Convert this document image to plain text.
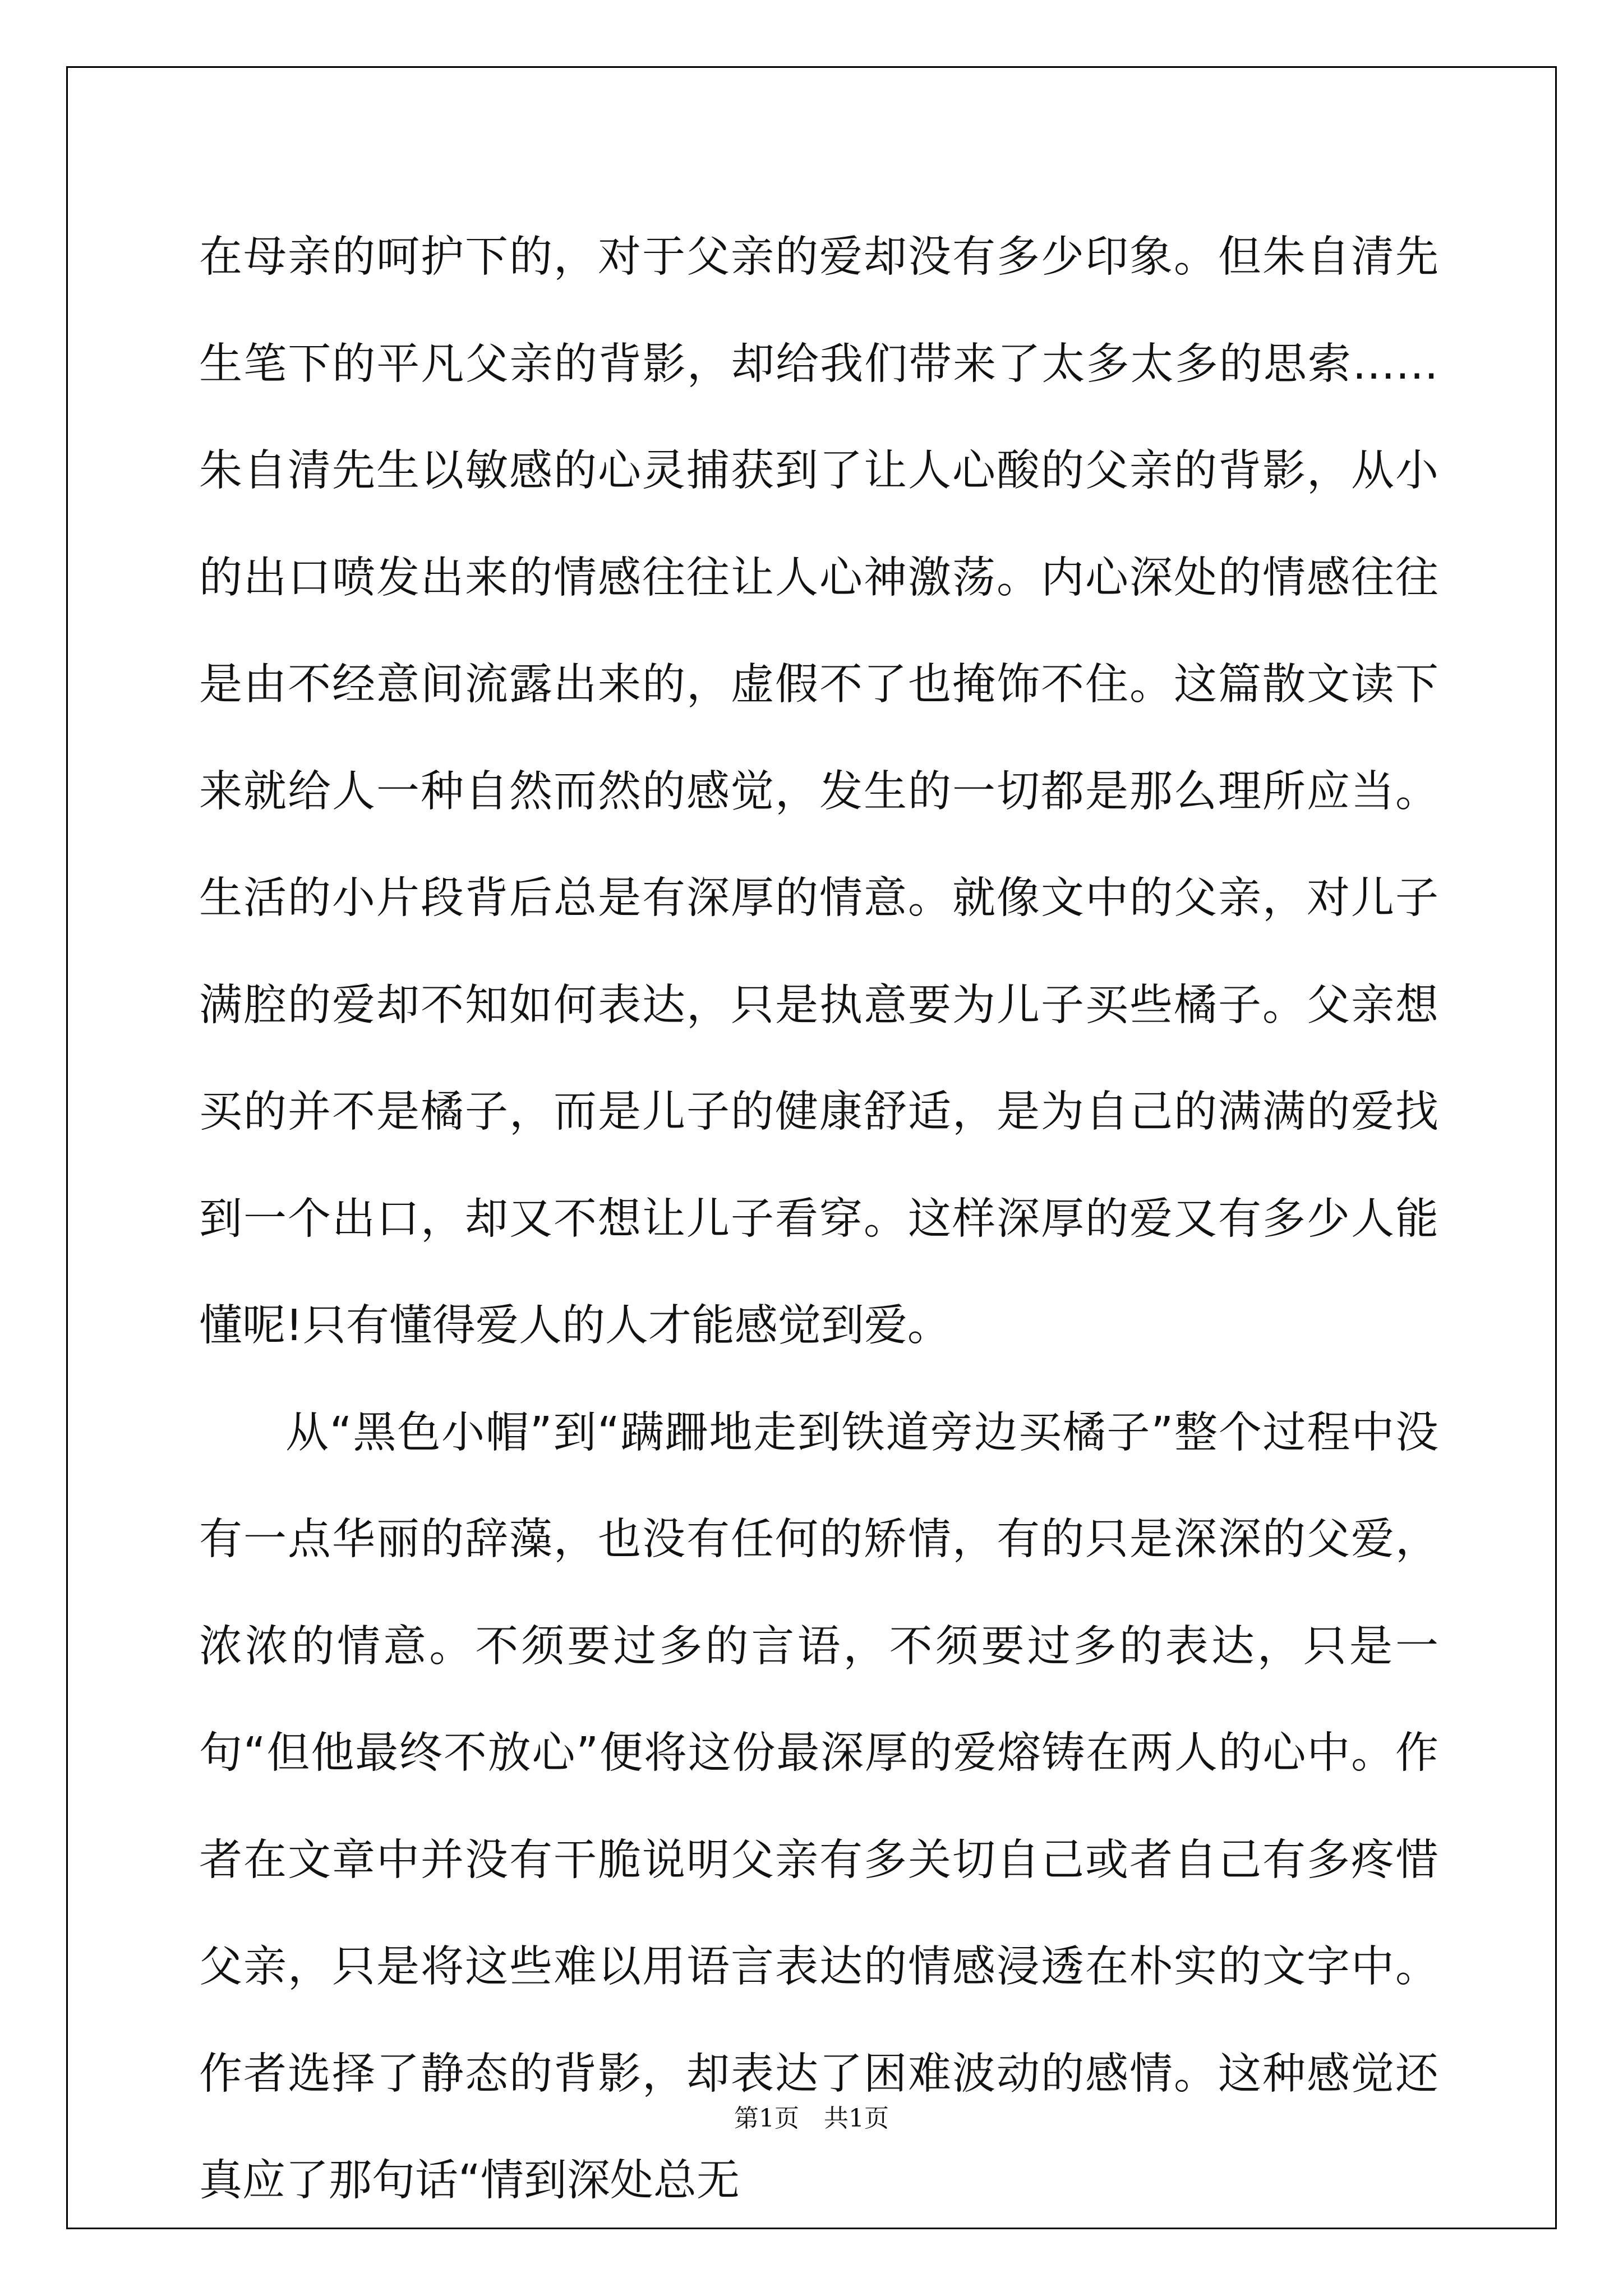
在母亲的呵护下的，对于父亲的爱却没有多少印象。但朱自清先生笔下的平凡父亲的背影，却给我们带来了太多太多的思索……朱自清先生以敏感的心灵捕获到了让人心酸的父亲的背影，从小的出口喷发出来的情感往往让人心神激荡。内心深处的情感往往是由不经意间流露出来的，虚假不了也掩饰不住。这篇散文读下来就给人一种自然而然的感觉，发生的一切都是那么理所应当。生活的小片段背后总是有深厚的情意。就像文中的父亲，对儿子满腔的爱却不知如何表达，只是执意要为儿子买些橘子。父亲想买的并不是橘子，而是儿子的健康舒适，是为自己的满满的爱找到一个出口，却又不想让儿子看穿。这样深厚的爱又有多少人能懂呢!只有懂得爱人的人才能感觉到爱。

从“黑色小帽”到“蹒跚地走到铁道旁边买橘子”整个过程中没有一点华丽的辞藻，也没有任何的矫情，有的只是深深的父爱，浓浓的情意。不须要过多的言语，不须要过多的表达，只是一句“但他最终不放心”便将这份最深厚的爱熔铸在两人的心中。作者在文章中并没有干脆说明父亲有多关切自己或者自己有多疼惜父亲，只是将这些难以用语言表达的情感浸透在朴实的文字中。作者选择了静态的背影，却表达了困难波动的感情。这种感觉还真应了那句话“情到深处总无

第1页　共1页
